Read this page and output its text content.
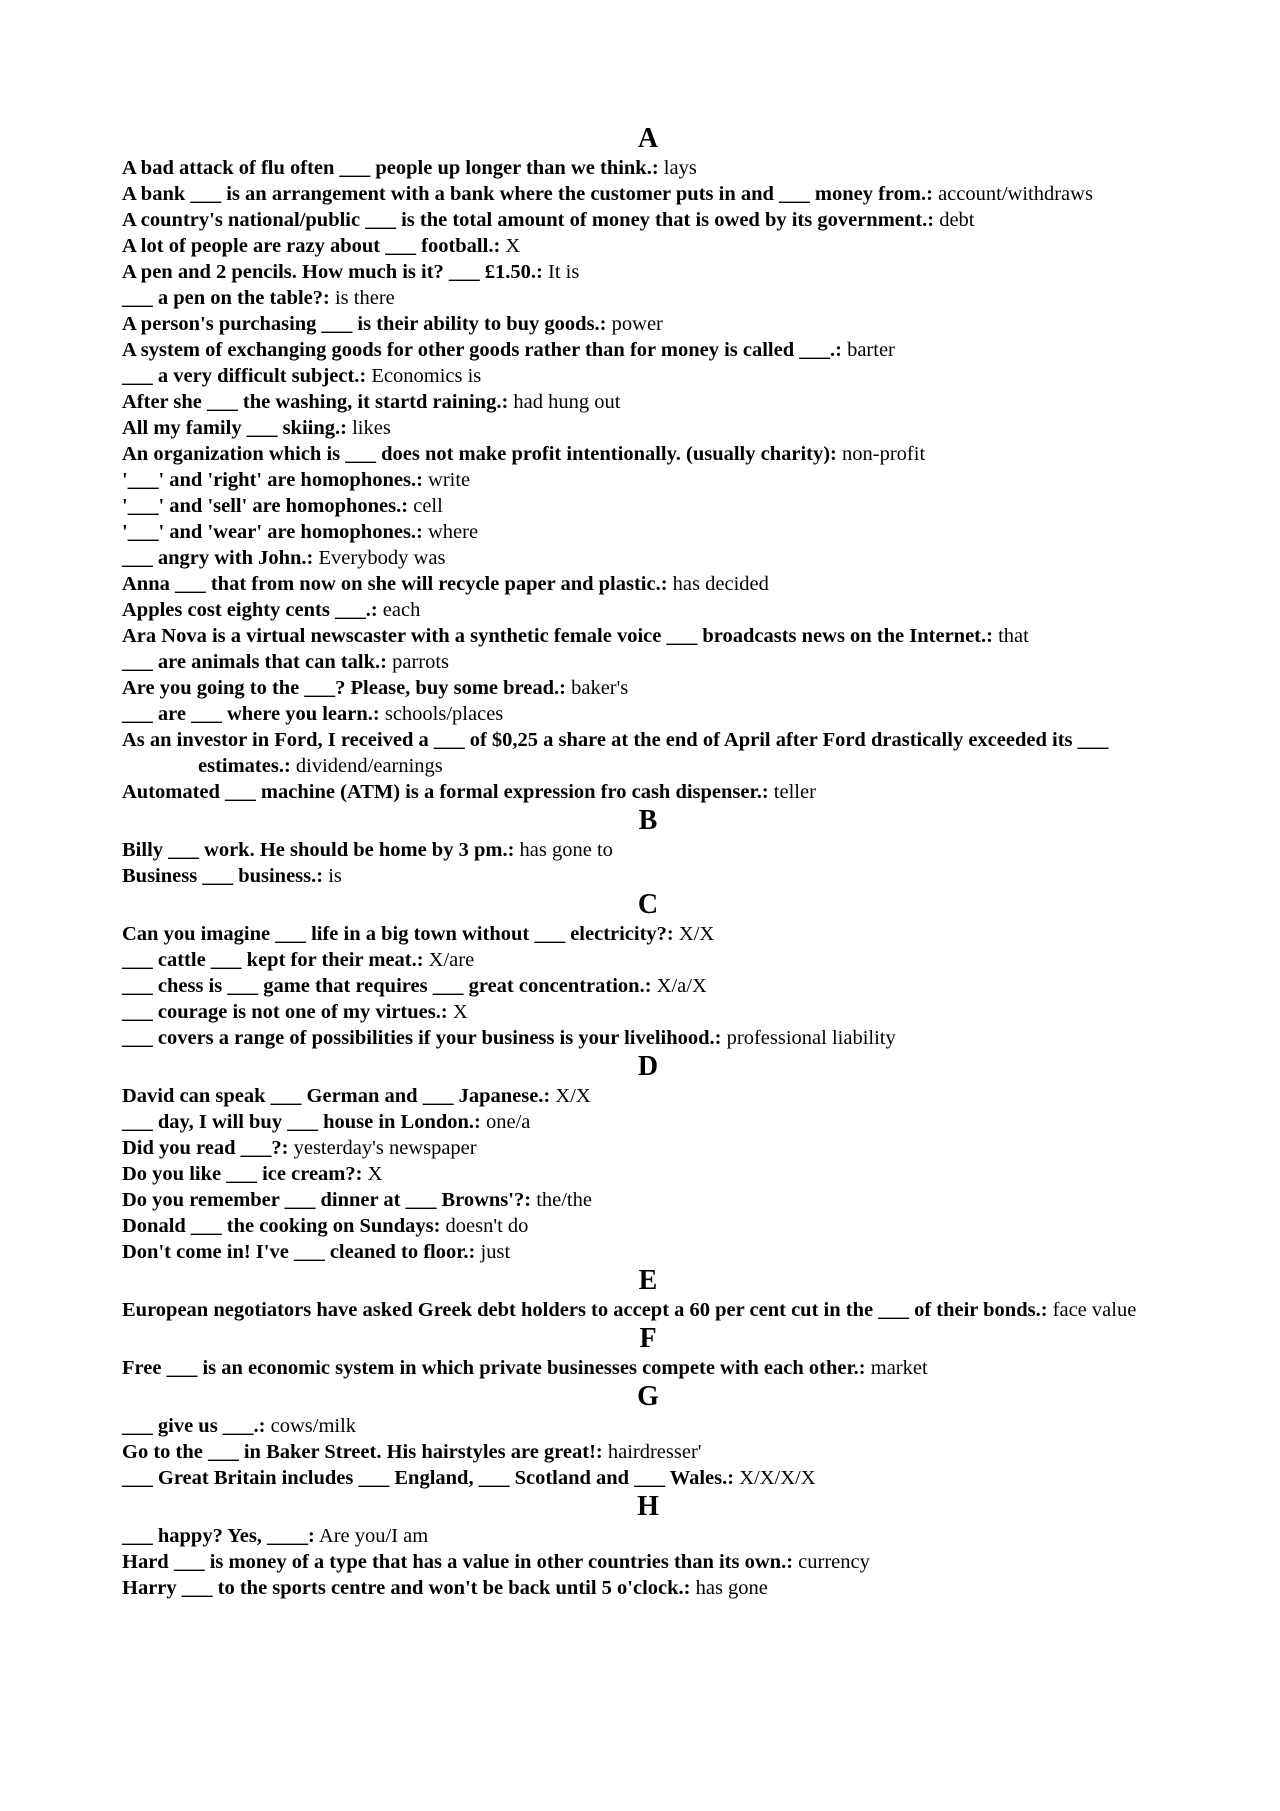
A
A bad attack of flu often ___ people up longer than we think.: lays
A bank ___ is an arrangement with a bank where the customer puts in and ___ money from.: account/withdraws
A country's national/public ___ is the total amount of money that is owed by its government.: debt
A lot of people are razy about ___ football.: X
A pen and 2 pencils. How much is it? ___ £1.50.: It is
___ a pen on the table?: is there
A person's purchasing ___ is their ability to buy goods.: power
A system of exchanging goods for other goods rather than for money is called ___.: barter
___ a very difficult subject.: Economics is
After she ___ the washing, it startd raining.: had hung out
All my family ___ skiing.: likes
An organization which is ___ does not make profit intentionally. (usually charity): non-profit
'___' and 'right' are homophones.: write
'___' and 'sell' are homophones.: cell
'___' and 'wear' are homophones.: where
___ angry with John.: Everybody was
Anna ___ that from now on she will recycle paper and plastic.: has decided
Apples cost eighty cents ___.: each
Ara Nova is a virtual newscaster with a synthetic female voice ___ broadcasts news on the Internet.: that
___ are animals that can talk.: parrots
Are you going to the ___? Please, buy some bread.: baker's
___ are ___ where you learn.: schools/places
As an investor in Ford, I received a ___ of $0,25 a share at the end of April after Ford drastically exceeded its ___ estimates.: dividend/earnings
Automated ___ machine (ATM) is a formal expression fro cash dispenser.: teller
B
Billy ___ work. He should be home by 3 pm.: has gone to
Business ___ business.: is
C
Can you imagine ___ life in a big town without ___ electricity?: X/X
___ cattle ___ kept for their meat.: X/are
___ chess is ___ game that requires ___ great concentration.: X/a/X
___ courage is not one of my virtues.: X
___ covers a range of possibilities if your business is your livelihood.: professional liability
D
David can speak ___ German and ___ Japanese.: X/X
___ day, I will buy ___ house in London.: one/a
Did you read ___?: yesterday's newspaper
Do you like ___ ice cream?: X
Do you remember ___ dinner at ___ Browns'?: the/the
Donald ___ the cooking on Sundays: doesn't do
Don't come in! I've ___ cleaned to floor.: just
E
European negotiators have asked Greek debt holders to accept a 60 per cent cut in the ___ of their bonds.: face value
F
Free ___ is an economic system in which private businesses compete with each other.: market
G
___ give us ___.: cows/milk
Go to the ___ in Baker Street. His hairstyles are great!: hairdresser'
___ Great Britain includes ___ England, ___ Scotland and ___ Wales.: X/X/X/X
H
___ happy? Yes, ____: Are you/I am
Hard ___ is money of a type that has a value in other countries than its own.: currency
Harry ___ to the sports centre and won't be back until 5 o'clock.: has gone
